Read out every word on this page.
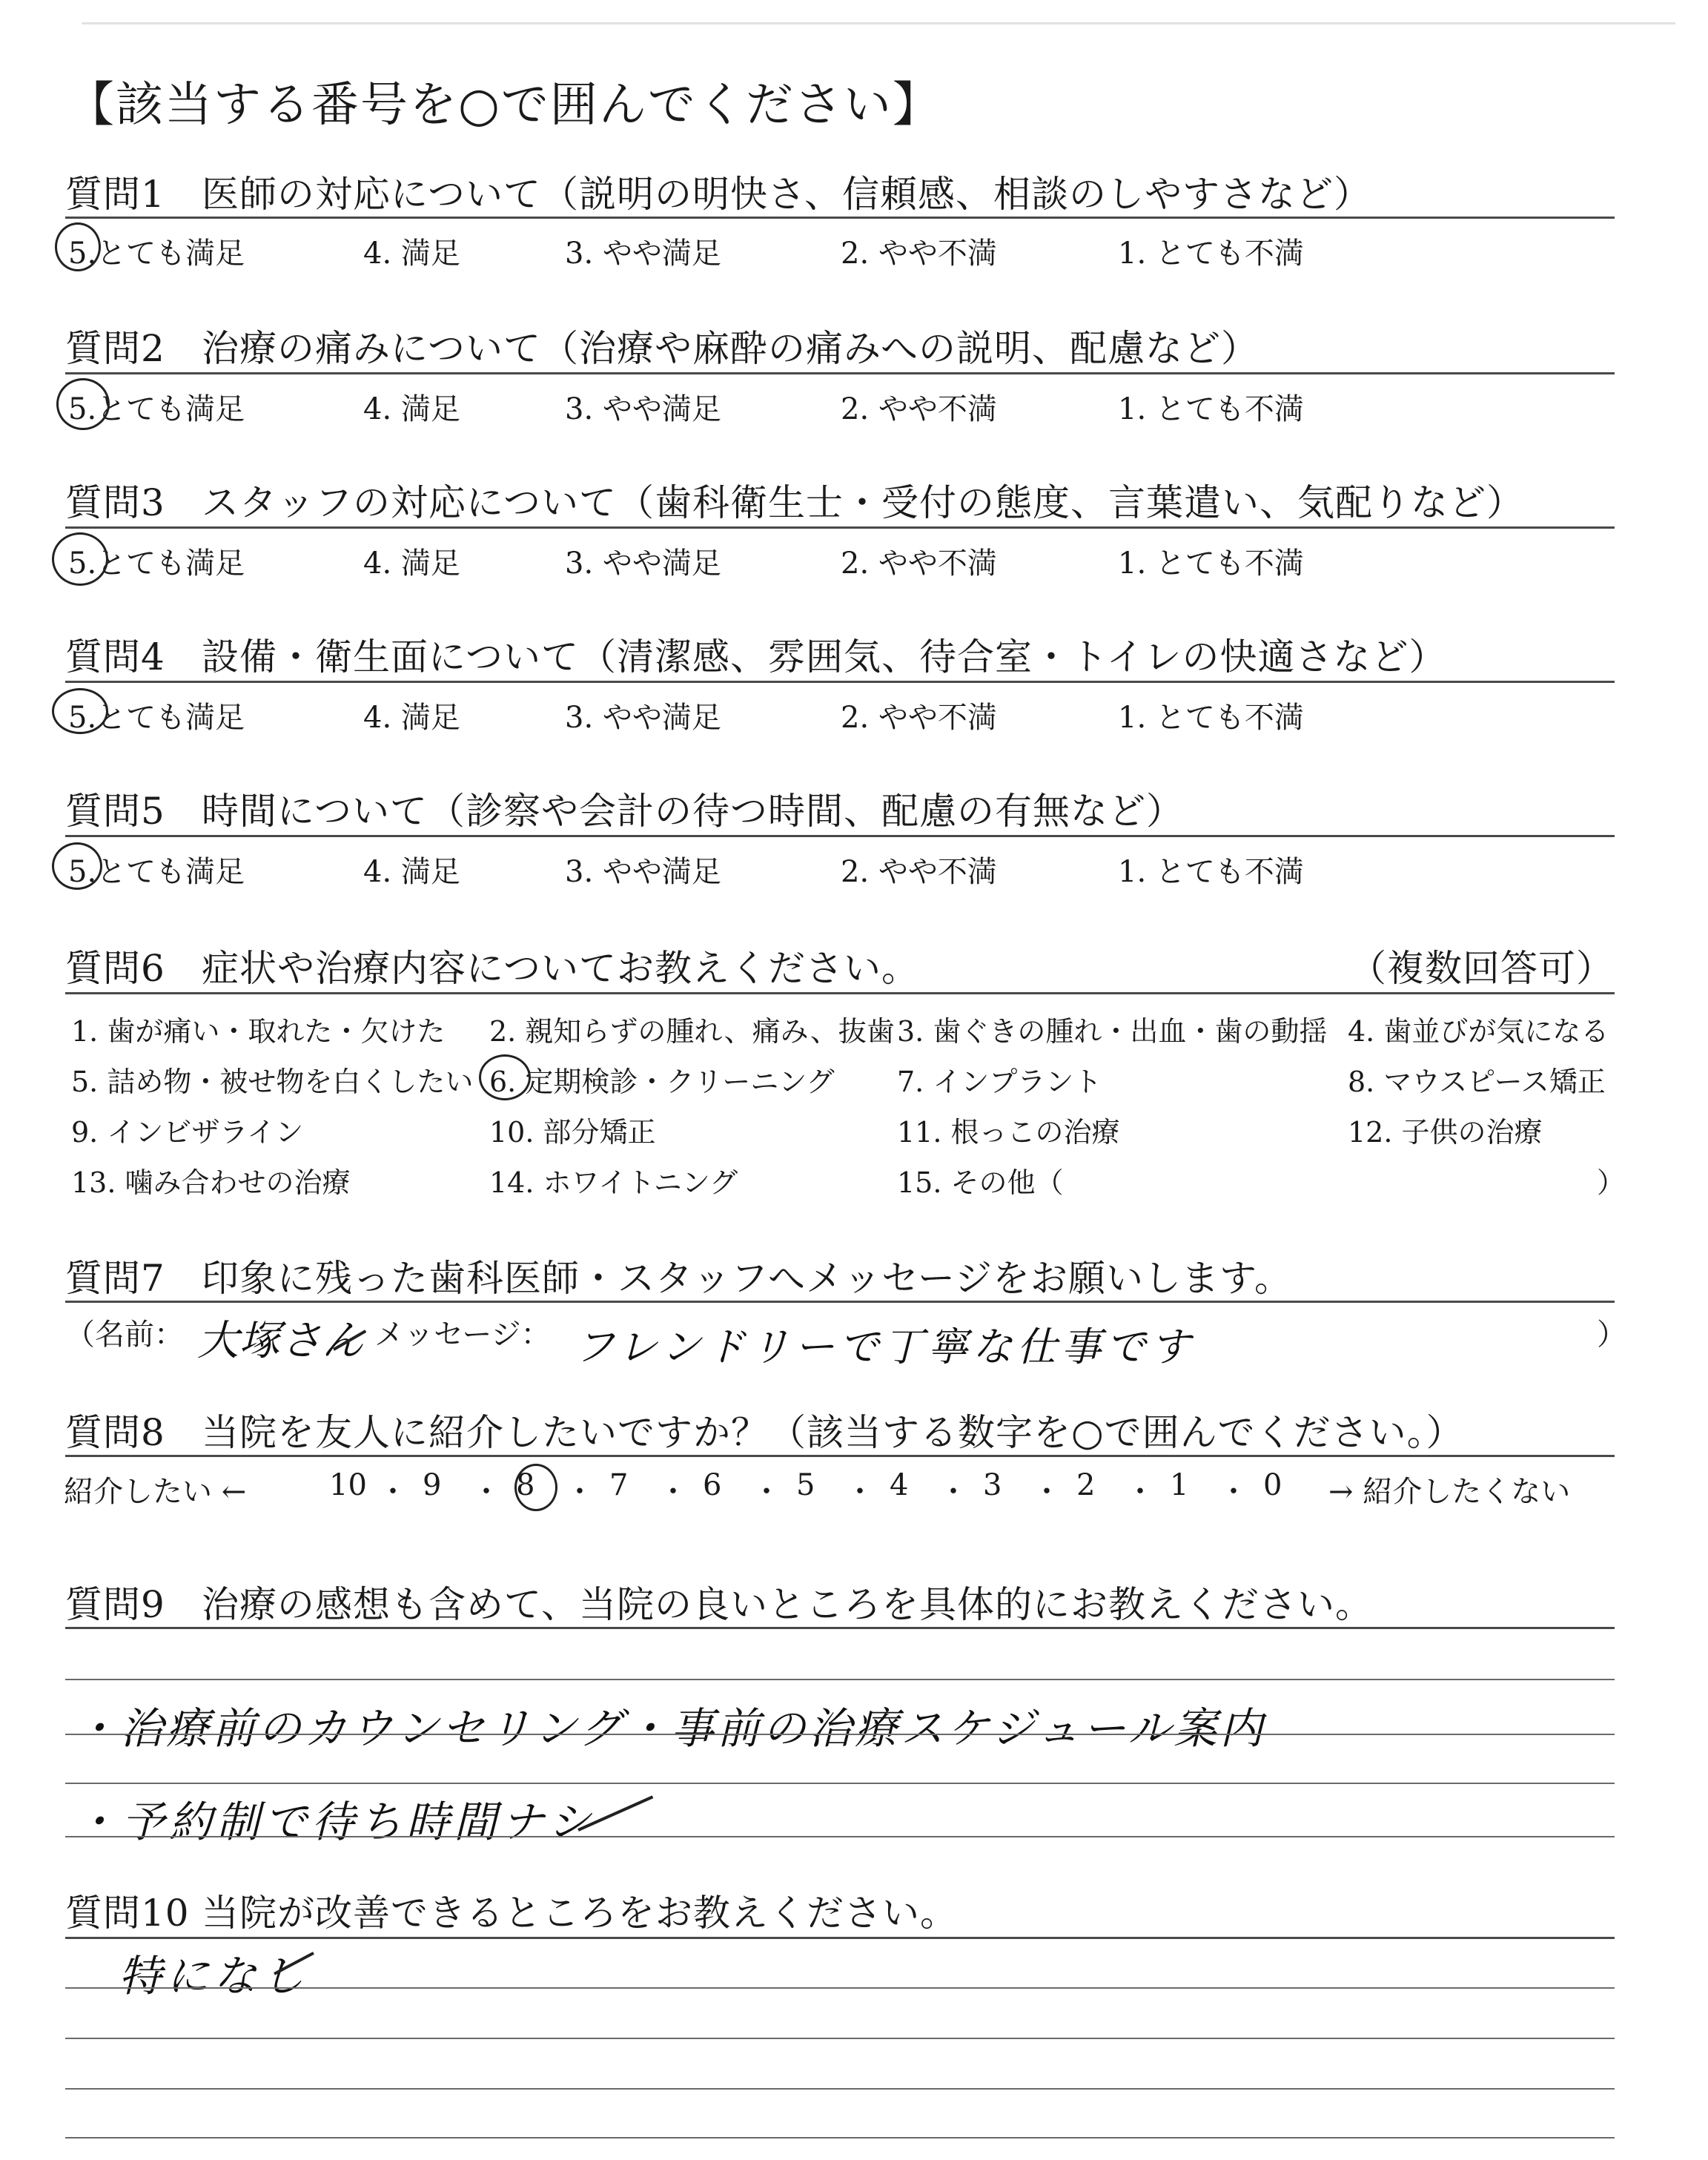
【該当する番号を○で囲んでください】
質問1 医師の対応について（説明の明快さ、信頼感、相談のしやすさなど）
5.とても満足	4. 満足	3. やや満足	2. やや不満	1. とても不満
質問2 治療の痛みについて（治療や麻酔の痛みへの説明、配慮など）
5.とても満足	4. 満足	3. やや満足	2. やや不満	1. とても不満
質問3 スタッフの対応について（歯科衛生士・受付の態度、言葉遣い、気配りなど）
5.とても満足	4. 満足	3. やや満足	2. やや不満	1. とても不満
質問4 設備・衛生面について（清潔感、雰囲気、待合室・トイレの快適さなど）
5.とても満足	4. 満足	3. やや満足	2. やや不満	1. とても不満
質問5 時間について（診察や会計の待つ時間、配慮の有無など）
5.とても満足	4. 満足	3. やや満足	2. やや不満	1. とても不満
質問6 症状や治療内容についてお教えください。	（複数回答可）
1. 歯が痛い・取れた・欠けた 2. 親知らずの腫れ、痛み、抜歯 3. 歯ぐきの腫れ・出血・歯の動揺 4. 歯並びが気になる
5. 詰め物・被せ物を白くしたい 6. 定期検診・クリーニング 7. インプラント	8. マウスピース矯正
9. インビザライン	10. 部分矯正	11. 根っこの治療	12. 子供の治療
13. 噛み合わせの治療	14. ホワイトニング	15. その他（	）
質問7 印象に残った歯科医師・スタッフへメッセージをお願いします。
（名前： 大塚さん メッセージ： フレンドリーで丁寧な仕事です	）
質問8 当院を友人に紹介したいですか？（該当する数字を○で囲んでください。）
紹介したい ←	10 ・ 9 ・ 8 ・ 7 ・ 6 ・ 5 ・ 4 ・ 3 ・ 2 ・ 1 ・ 0 → 紹介したくない
質問9 治療の感想も含めて、当院の良いところを具体的にお教えください。
・治療前のカウンセリング・事前の治療スケジュール案内
・予約制で待ち時間ナシ
質問10 当院が改善できるところをお教えください。
特になし
